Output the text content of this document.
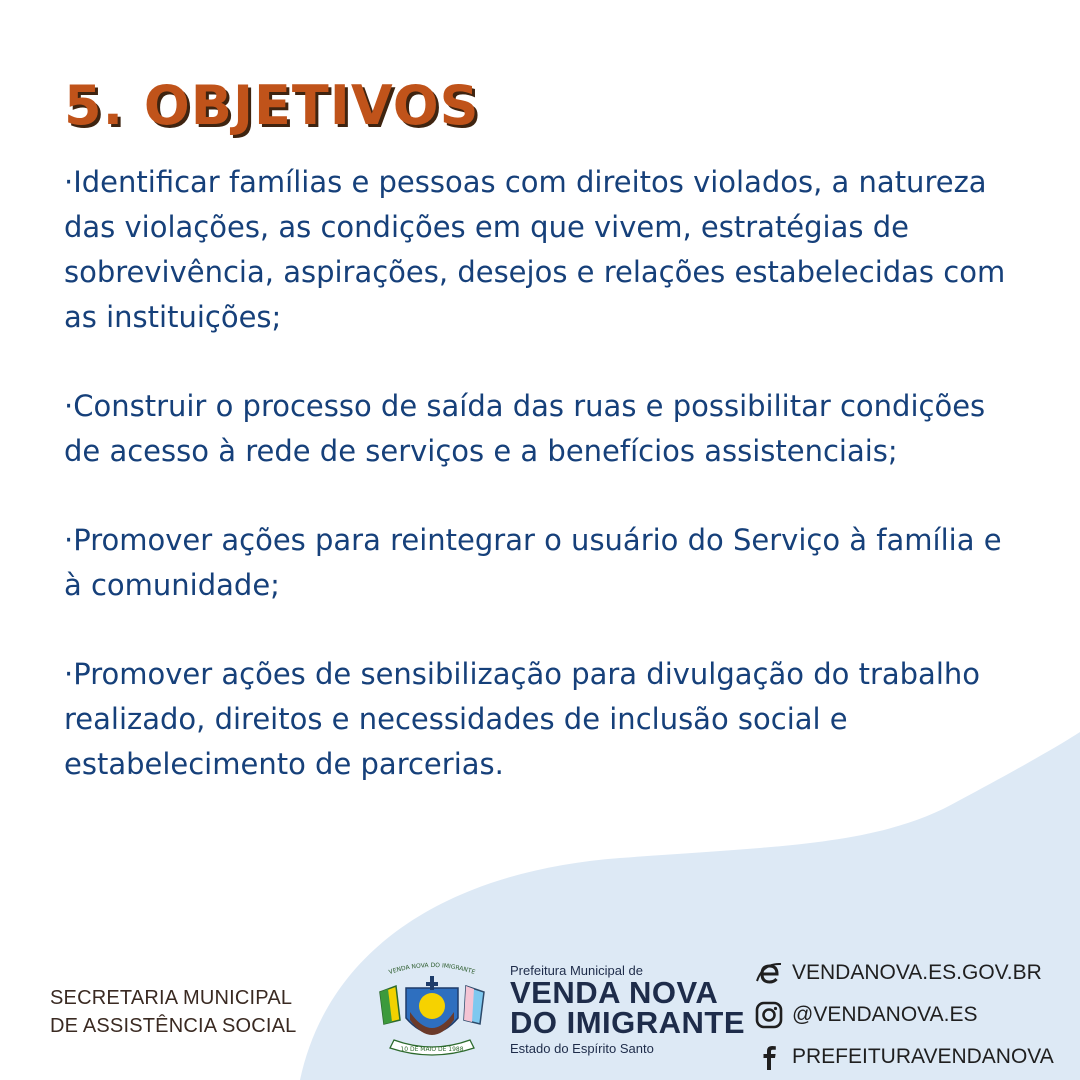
5. OBJETIVOS
·Identificar famílias e pessoas com direitos violados, a natureza das violações, as condições em que vivem, estratégias de sobrevivência, aspirações, desejos e relações estabelecidas com as instituições;
·Construir o processo de saída das ruas e possibilitar condições de acesso à rede de serviços e a benefícios assistenciais;
·Promover ações para reintegrar o usuário do Serviço à família e à comunidade;
·Promover ações de sensibilização para divulgação do trabalho realizado, direitos e necessidades de inclusão social e estabelecimento de parcerias.
SECRETARIA MUNICIPAL
DE ASSISTÊNCIA SOCIAL
VENDA NOVA DO IMIGRANTE
10 DE MAIO DE 1988
Prefeitura Municipal de
VENDA NOVA
DO IMIGRANTE
Estado do Espírito Santo
VENDANOVA.ES.GOV.BR
@VENDANOVA.ES
PREFEITURAVENDANOVA
